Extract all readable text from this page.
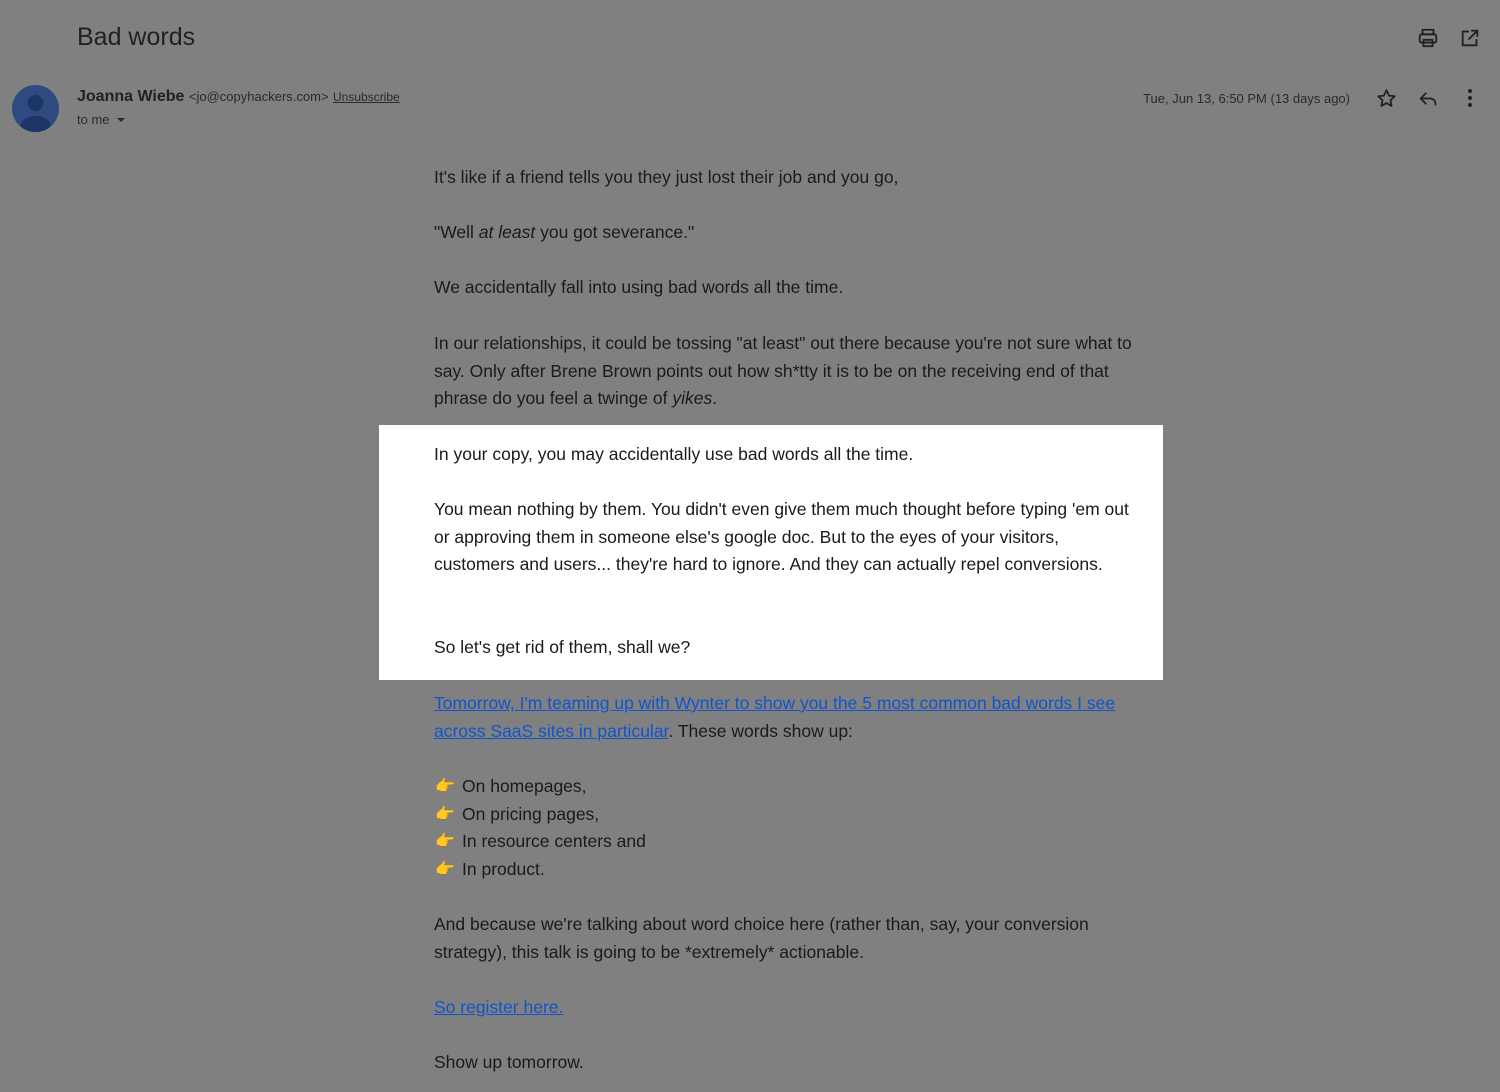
Bad words
Joanna Wiebe <jo@copyhackers.com> Unsubscribe
to me
Tue, Jun 13, 6:50 PM (13 days ago)

It's like if a friend tells you they just lost their job and you go,

"Well at least you got severance."

We accidentally fall into using bad words all the time.

In our relationships, it could be tossing "at least" out there because you're not sure what to say. Only after Brene Brown points out how sh*tty it is to be on the receiving end of that phrase do you feel a twinge of yikes.

In your copy, you may accidentally use bad words all the time.

You mean nothing by them. You didn't even give them much thought before typing 'em out or approving them in someone else's google doc. But to the eyes of your visitors, customers and users... they're hard to ignore. And they can actually repel conversions.

So let's get rid of them, shall we?

Tomorrow, I'm teaming up with Wynter to show you the 5 most common bad words I see across SaaS sites in particular. These words show up:

👉 On homepages,
👉 On pricing pages,
👉 In resource centers and
👉 In product.

And because we're talking about word choice here (rather than, say, your conversion strategy), this talk is going to be *extremely* actionable.

So register here.

Show up tomorrow.
